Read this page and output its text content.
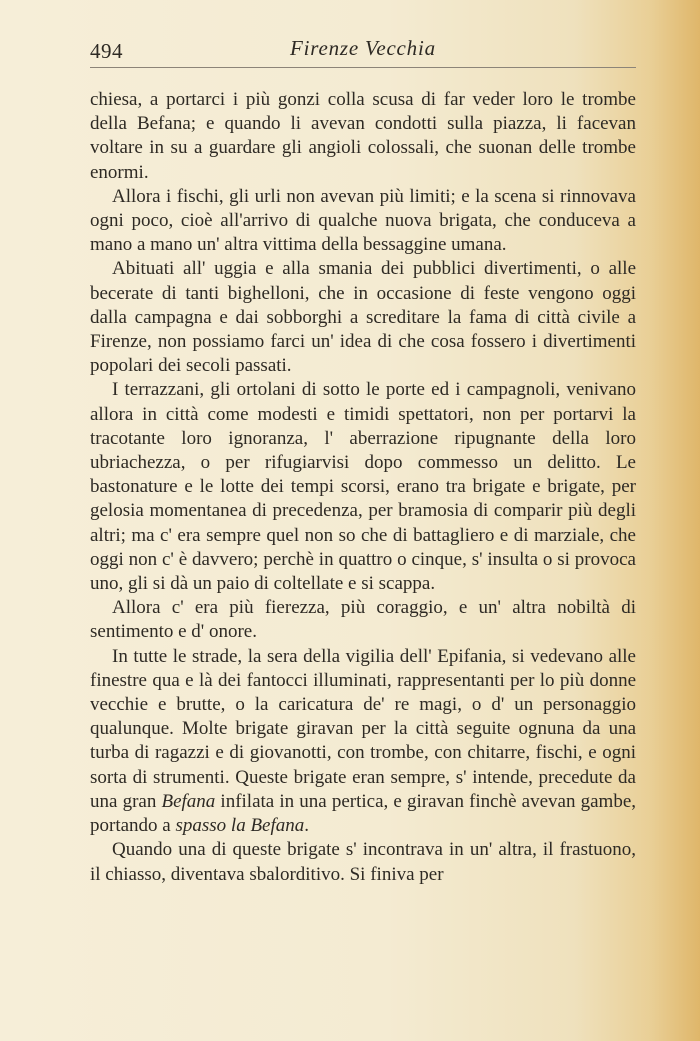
494	Firenze Vecchia

chiesa, a portarci i più gonzi colla scusa di far veder loro le trombe della Befana; e quando li avevan condotti sulla piazza, li facevan voltare in su a guardare gli angioli colossali, che suonan delle trombe enormi.

Allora i fischi, gli urli non avevan più limiti; e la scena si rinnovava ogni poco, cioè all'arrivo di qualche nuova brigata, che conduceva a mano a mano un' altra vittima della bessaggine umana.

Abituati all' uggia e alla smania dei pubblici divertimenti, o alle becerate di tanti bighelloni, che in occasione di feste vengono oggi dalla campagna e dai sobborghi a screditare la fama di città civile a Firenze, non possiamo farci un' idea di che cosa fossero i divertimenti popolari dei secoli passati.

I terrazzani, gli ortolani di sotto le porte ed i campagnoli, venivano allora in città come modesti e timidi spettatori, non per portarvi la tracotante loro ignoranza, l' aberrazione ripugnante della loro ubriachezza, o per rifugiarvisi dopo commesso un delitto. Le bastonature e le lotte dei tempi scorsi, erano tra brigate e brigate, per gelosia momentanea di precedenza, per bramosia di comparir più degli altri; ma c' era sempre quel non so che di battagliero e di marziale, che oggi non c' è davvero; perchè in quattro o cinque, s' insulta o si provoca uno, gli si dà un paio di coltellate e si scappa.

Allora c' era più fierezza, più coraggio, e un' altra nobiltà di sentimento e d' onore.

In tutte le strade, la sera della vigilia dell' Epifania, si vedevano alle finestre qua e là dei fantocci illuminati, rappresentanti per lo più donne vecchie e brutte, o la caricatura de' re magi, o d' un personaggio qualunque. Molte brigate giravan per la città seguite ognuna da una turba di ragazzi e di giovanotti, con trombe, con chitarre, fischi, e ogni sorta di strumenti. Queste brigate eran sempre, s' intende, precedute da una gran Befana infilata in una pertica, e giravan finchè avevan gambe, portando a spasso la Befana.

Quando una di queste brigate s' incontrava in un' altra, il frastuono, il chiasso, diventava sbalorditivo. Si finiva per
